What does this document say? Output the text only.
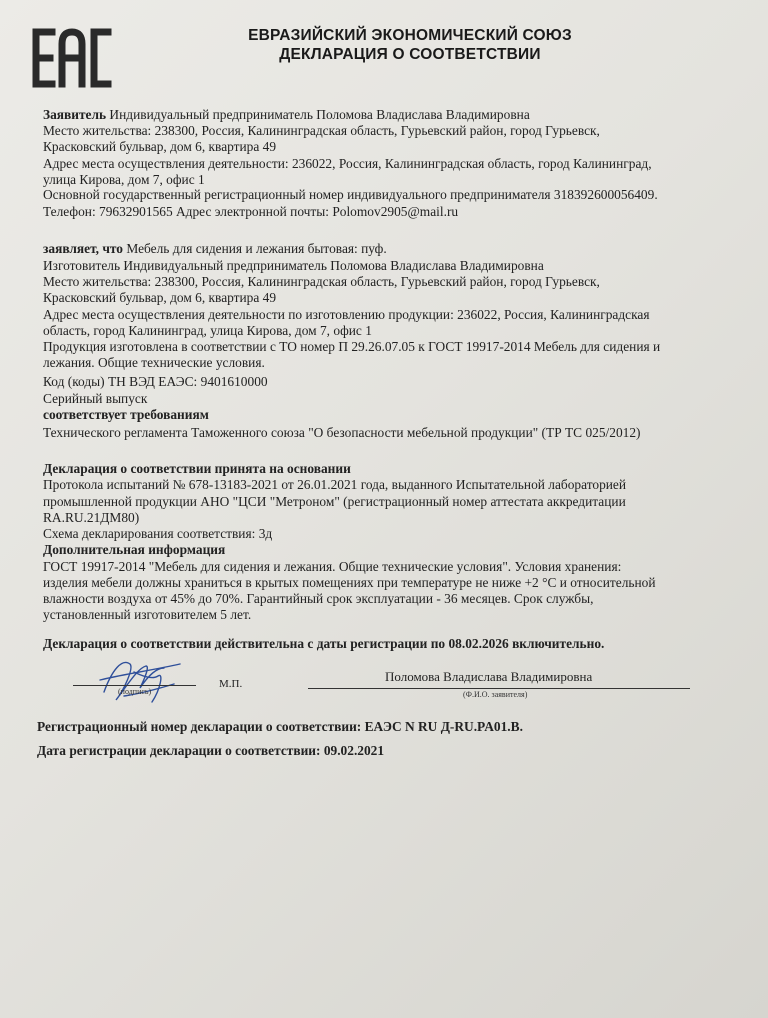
ЕВРАЗИЙСКИЙ ЭКОНОМИЧЕСКИЙ СОЮЗ
ДЕКЛАРАЦИЯ О СООТВЕТСТВИИ
Заявитель Индивидуальный предприниматель Поломова Владислава Владимировна
Место жительства: 238300, Россия, Калининградская область, Гурьевский район, город Гурьевск,
Красковский бульвар, дом 6, квартира 49
Адрес места осуществления деятельности: 236022, Россия, Калининградская область, город Калининград,
улица Кирова, дом 7, офис 1
Основной государственный регистрационный номер индивидуального предпринимателя 318392600056409.
Телефон: 79632901565 Адрес электронной почты: Polomov2905@mail.ru
заявляет, что Мебель для сидения и лежания бытовая: пуф.
Изготовитель Индивидуальный предприниматель Поломова Владислава Владимировна
Место жительства: 238300, Россия, Калининградская область, Гурьевский район, город Гурьевск,
Красковский бульвар, дом 6, квартира 49
Адрес места осуществления деятельности по изготовлению продукции: 236022, Россия, Калининградская
область, город Калининград, улица Кирова, дом 7, офис 1
Продукция изготовлена в соответствии с ТО номер П 29.26.07.05 к ГОСТ 19917-2014 Мебель для сидения и
лежания. Общие технические условия.
Код (коды) ТН ВЭД ЕАЭС: 9401610000
Серийный выпуск
соответствует требованиям
Технического регламента Таможенного союза "О безопасности мебельной продукции" (ТР ТС 025/2012)
Декларация о соответствии принята на основании
Протокола испытаний № 678-13183-2021 от 26.01.2021 года, выданного Испытательной лабораторией
промышленной продукции АНО "ЦСИ "Метроном" (регистрационный номер аттестата аккредитации
RA.RU.21ДМ80)
Схема декларирования соответствия: 3д
Дополнительная информация
ГОСТ 19917-2014 "Мебель для сидения и лежания. Общие технические условия". Условия хранения:
изделия мебели должны храниться в крытых помещениях при температуре не ниже +2 °С и относительной
влажности воздуха от 45% до 70%. Гарантийный срок эксплуатации - 36 месяцев. Срок службы,
установленный изготовителем 5 лет.
Декларация о соответствии действительна с даты регистрации по 08.02.2026 включительно.
(подпись)
М.П.	Поломова Владислава Владимировна
(Ф.И.О. заявителя)
Регистрационный номер декларации о соответствии: ЕАЭС N RU Д-RU.PA01.В.
Дата регистрации декларации о соответствии: 09.02.2021
